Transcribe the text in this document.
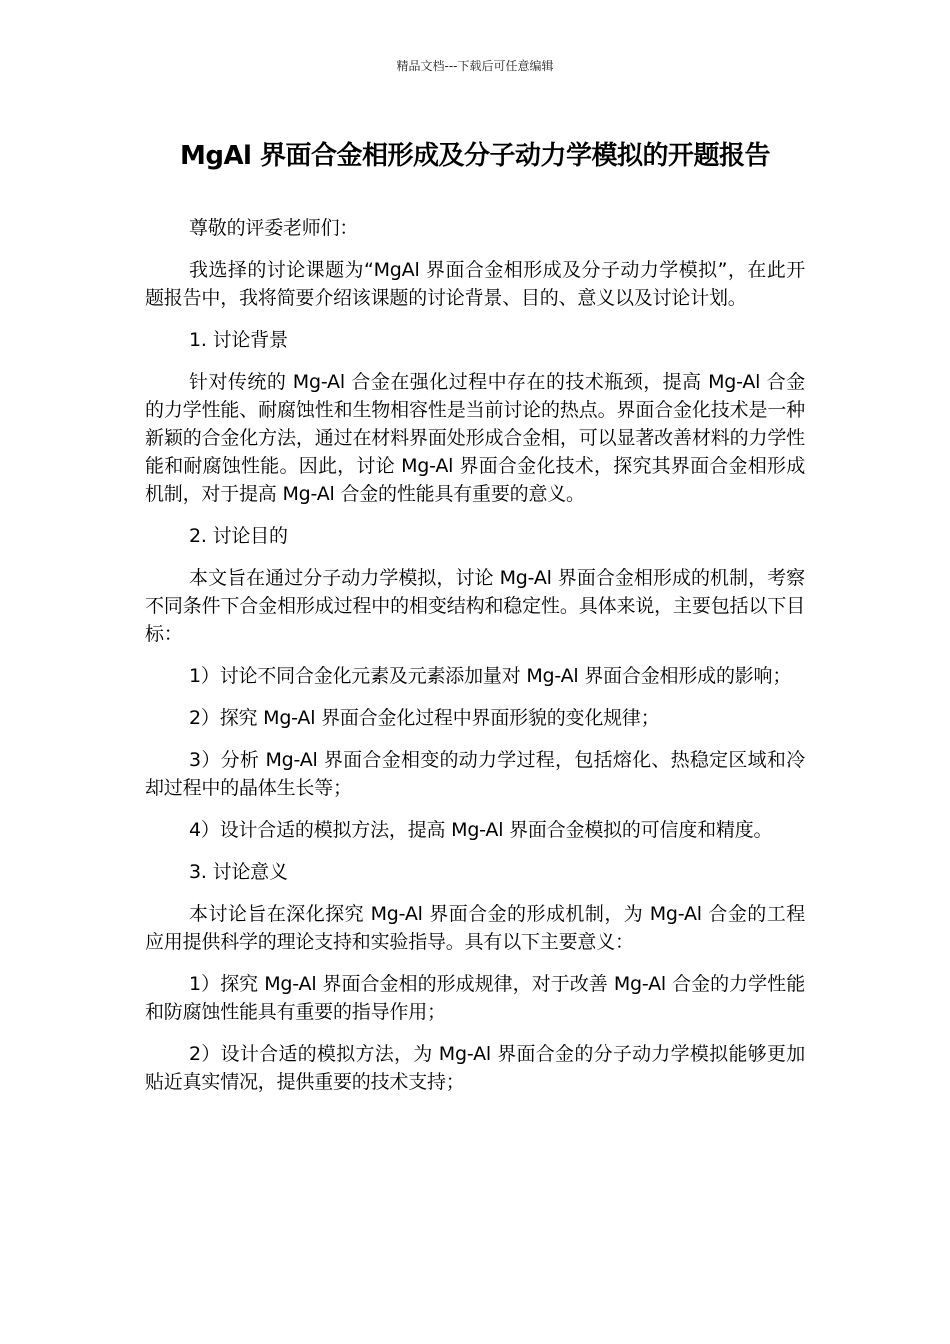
精品文档---下载后可任意编辑
MgAl 界面合金相形成及分子动力学模拟的开题报告

尊敬的评委老师们：

我选择的讨论课题为“MgAl 界面合金相形成及分子动力学模拟”，在此开题报告中，我将简要介绍该课题的讨论背景、目的、意义以及讨论计划。

1. 讨论背景

针对传统的 Mg-Al 合金在强化过程中存在的技术瓶颈，提高 Mg-Al 合金的力学性能、耐腐蚀性和生物相容性是当前讨论的热点。界面合金化技术是一种新颖的合金化方法，通过在材料界面处形成合金相，可以显著改善材料的力学性能和耐腐蚀性能。因此，讨论 Mg-Al 界面合金化技术，探究其界面合金相形成机制，对于提高 Mg-Al 合金的性能具有重要的意义。

2. 讨论目的

本文旨在通过分子动力学模拟，讨论 Mg-Al 界面合金相形成的机制，考察不同条件下合金相形成过程中的相变结构和稳定性。具体来说，主要包括以下目标：

1）讨论不同合金化元素及元素添加量对 Mg-Al 界面合金相形成的影响；

2）探究 Mg-Al 界面合金化过程中界面形貌的变化规律；

3）分析 Mg-Al 界面合金相变的动力学过程，包括熔化、热稳定区域和冷却过程中的晶体生长等；

4）设计合适的模拟方法，提高 Mg-Al 界面合金模拟的可信度和精度。

3. 讨论意义

本讨论旨在深化探究 Mg-Al 界面合金的形成机制，为 Mg-Al 合金的工程应用提供科学的理论支持和实验指导。具有以下主要意义：

1）探究 Mg-Al 界面合金相的形成规律，对于改善 Mg-Al 合金的力学性能和防腐蚀性能具有重要的指导作用；

2）设计合适的模拟方法，为 Mg-Al 界面合金的分子动力学模拟能够更加贴近真实情况，提供重要的技术支持；
